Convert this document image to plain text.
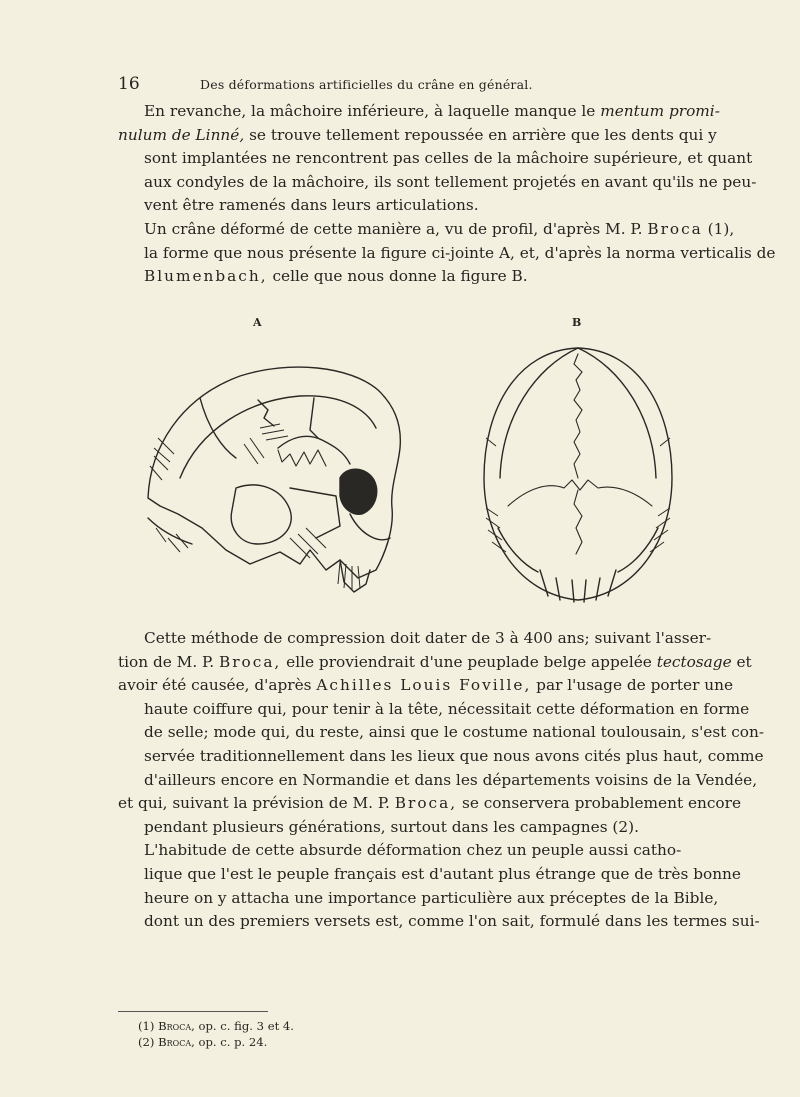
16	Des déformations artificielles du crâne en général.

En revanche, la mâchoire inférieure, à laquelle manque le mentum promi-
nulum de Linné, se trouve tellement repoussée en arrière que les dents qui y
sont implantées ne rencontrent pas celles de la mâchoire supérieure, et quant
aux condyles de la mâchoire, ils sont tellement projetés en avant qu'ils ne peu-
vent être ramenés dans leurs articulations.

Un crâne déformé de cette manière a, vu de profil, d'après M. P. Broca (1),
la forme que nous présente la figure ci-jointe A, et, d'après la norma verticalis de
Blumenbach, celle que nous donne la figure B.

A	B

Cette méthode de compression doit dater de 3 à 400 ans; suivant l'asser-
tion de M. P. Broca, elle proviendrait d'une peuplade belge appelée tectosage et
avoir été causée, d'après Achilles Louis Foville, par l'usage de porter une
haute coiffure qui, pour tenir à la tête, nécessitait cette déformation en forme
de selle; mode qui, du reste, ainsi que le costume national toulousain, s'est con-
servée traditionnellement dans les lieux que nous avons cités plus haut, comme
d'ailleurs encore en Normandie et dans les départements voisins de la Vendée,
et qui, suivant la prévision de M. P. Broca, se conservera probablement encore
pendant plusieurs générations, surtout dans les campagnes (2).

L'habitude de cette absurde déformation chez un peuple aussi catho-
lique que l'est le peuple français est d'autant plus étrange que de très bonne
heure on y attacha une importance particulière aux préceptes de la Bible,
dont un des premiers versets est, comme l'on sait, formulé dans les termes sui-

(1) Broca, op. c. fig. 3 et 4.
(2) Broca, op. c. p. 24.
